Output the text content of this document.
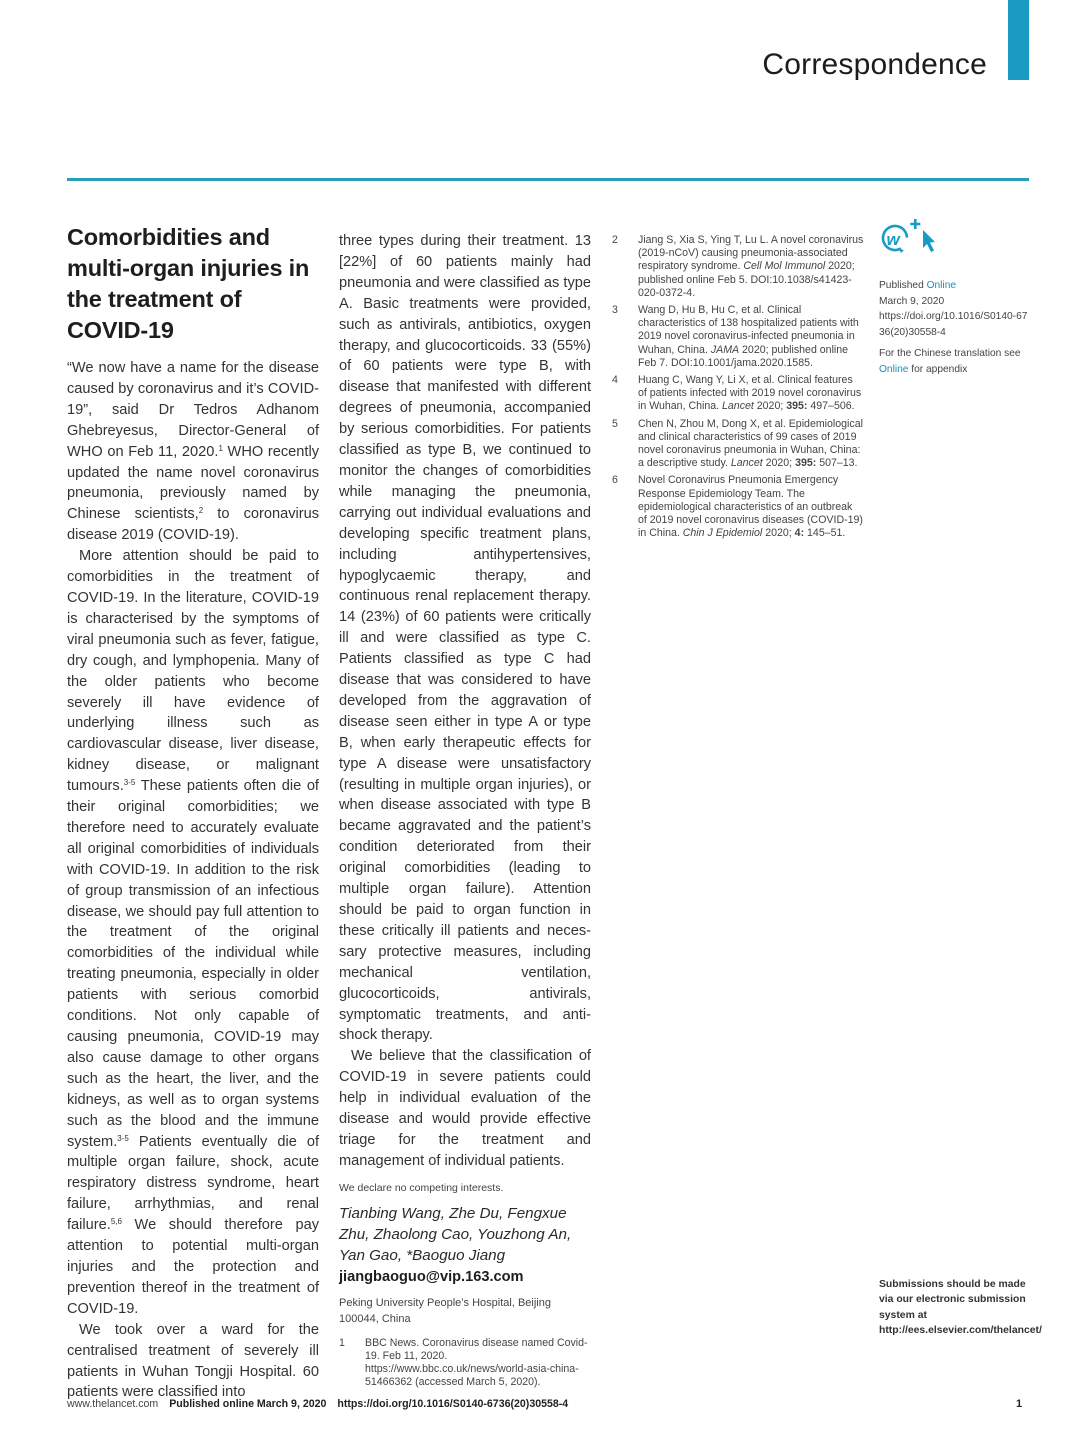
Correspondence
Comorbidities and multi-organ injuries in the treatment of COVID-19

“We now have a name for the disease caused by coronavirus and it’s COVID-19”, said Dr Tedros Adhanom Ghebreyesus, Director-General of WHO on Feb 11, 2020.$^1$ WHO recently updated the name novel coronavirus pneumonia, previously named by Chinese scientists,$^2$ to coronavirus disease 2019 (COVID-19).

More attention should be paid to comorbidities in the treatment of COVID-19. In the literature, COVID-19 is characterised by the symptoms of viral pneumonia such as fever, fatigue, dry cough, and lymphopenia. Many of the older patients who become severely ill have evidence of underlying illness such as cardiovascular disease, liver disease, kidney disease, or malignant tumours.$^{3-5}$ These patients often die of their original comorbidities; we therefore need to accurately evaluate all original comorbidities of individuals with COVID-19. In addition to the risk of group transmission of an infectious disease, we should pay full attention to the treatment of the original comorbidities of the individual while treating pneumonia, especially in older patients with serious comorbid conditions. Not only capable of causing pneumonia, COVID-19 may also cause damage to other organs such as the heart, the liver, and the kidneys, as well as to organ systems such as the blood and the immune system.$^{3-5}$ Patients eventually die of multiple organ failure, shock, acute respiratory distress syndrome, heart failure, arrhythmias, and renal failure.$^{5,6}$ We should therefore pay attention to potential multi-organ injuries and the protection and prevention thereof in the treatment of COVID-19.

We took over a ward for the centralised treatment of severely ill patients in Wuhan Tongji Hospital. 60 patients were classified into

three types during their treatment. 13 [22%] of 60 patients mainly had pneumonia and were classified as type A. Basic treatments were provided, such as antivirals, antibiotics, oxygen therapy, and glucocorticoids. 33 (55%) of 60 patients were type B, with disease that manifested with different degrees of pneumonia, accompanied by serious comorbidities. For patients classified as type B, we continued to monitor the changes of comorbidities while managing the pneumonia, carrying out individual evaluations and developing specific treatment plans, including antihypertensives, hypoglycaemic therapy, and continuous renal replacement therapy. 14 (23%) of 60 patients were critically ill and were classified as type C. Patients classified as type C had disease that was considered to have developed from the aggravation of disease seen either in type A or type B, when early therapeutic effects for type A disease were unsatisfactory (resulting in multiple organ injuries), or when disease associated with type B became aggravated and the patient’s condition deteriorated from their original comorbidities (leading to multiple organ failure). Attention should be paid to organ function in these critically ill patients and necessary protective measures, including mechanical ventilation, glucocorticoids, antivirals, symptomatic treatments, and anti-shock therapy.

We believe that the classification of COVID-19 in severe patients could help in individual evaluation of the disease and would provide effective triage for the treatment and management of individual patients.

We declare no competing interests.
Tianbing Wang, Zhe Du, Fengxue Zhu, Zhaolong Cao, Youzhong An, Yan Gao, *Baoguo Jiang
jiangbaoguo@vip.163.com
Peking University People’s Hospital, Beijing 100044, China
1	BBC News. Coronavirus disease named Covid-19. Feb 11, 2020. https://www.bbc.co.uk/news/world-asia-china-51466362 (accessed March 5, 2020).
2	Jiang S, Xia S, Ying T, Lu L. A novel coronavirus (2019-nCoV) causing pneumonia-associated respiratory syndrome. Cell Mol Immunol 2020; published online Feb 5. DOI:10.1038/s41423-020-0372-4.
3	Wang D, Hu B, Hu C, et al. Clinical characteristics of 138 hospitalized patients with 2019 novel coronavirus-infected pneumonia in Wuhan, China. JAMA 2020; published online Feb 7. DOI:10.1001/jama.2020.1585.
4	Huang C, Wang Y, Li X, et al. Clinical features of patients infected with 2019 novel coronavirus in Wuhan, China. Lancet 2020; 395: 497–506.
5	Chen N, Zhou M, Dong X, et al. Epidemiological and clinical characteristics of 99 cases of 2019 novel coronavirus pneumonia in Wuhan, China: a descriptive study. Lancet 2020; 395: 507–13.
6	Novel Coronavirus Pneumonia Emergency Response Epidemiology Team. The epidemiological characteristics of an outbreak of 2019 novel coronavirus diseases (COVID-19) in China. Chin J Epidemiol 2020; 4: 145–51.
w
Published Online
March 9, 2020
https://doi.org/10.1016/S0140-6736(20)30558-4
For the Chinese translation see Online for appendix
Submissions should be made via our electronic submission system at http://ees.elsevier.com/thelancet/
www.thelancet.com Published online March 9, 2020 https://doi.org/10.1016/S0140-6736(20)30558-4	1
